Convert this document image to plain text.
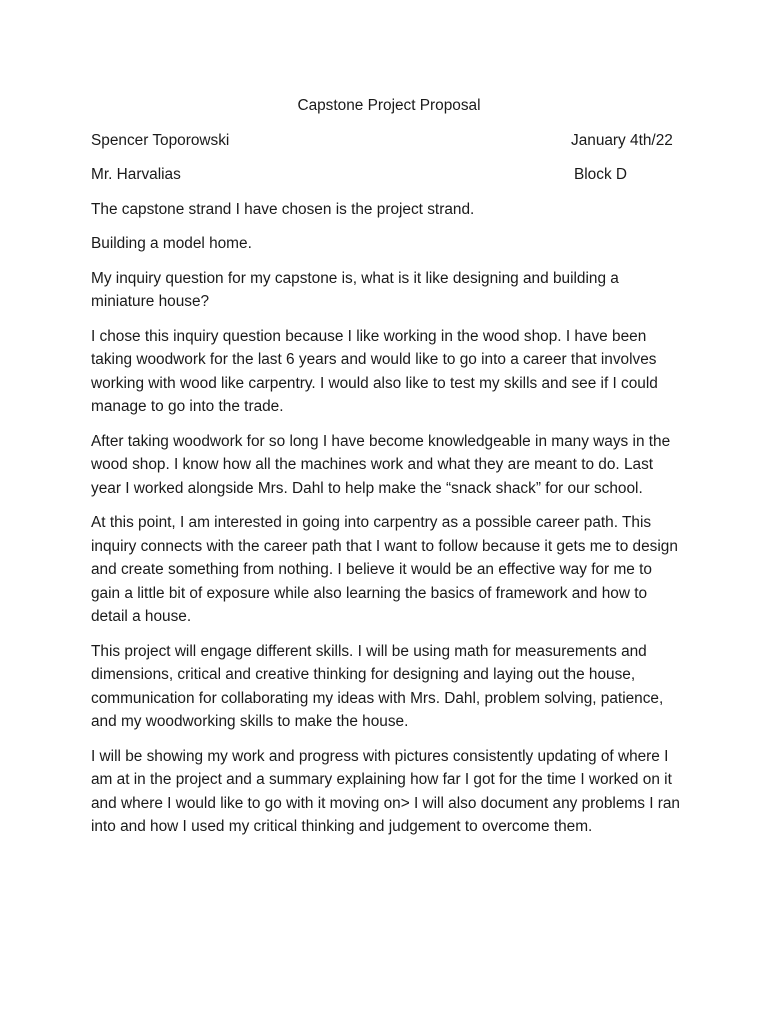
Capstone Project Proposal
Spencer Toporowski	January 4th/22
Mr. Harvalias	Block D

The capstone strand I have chosen is the project strand.

Building a model home.

My inquiry question for my capstone is, what is it like designing and building a miniature house?

I chose this inquiry question because I like working in the wood shop. I have been taking woodwork for the last 6 years and would like to go into a career that involves working with wood like carpentry. I would also like to test my skills and see if I could manage to go into the trade.

After taking woodwork for so long I have become knowledgeable in many ways in the wood shop. I know how all the machines work and what they are meant to do. Last year I worked alongside Mrs. Dahl to help make the “snack shack” for our school.

At this point, I am interested in going into carpentry as a possible career path. This inquiry connects with the career path that I want to follow because it gets me to design and create something from nothing. I believe it would be an effective way for me to gain a little bit of exposure while also learning the basics of framework and how to detail a house.

This project will engage different skills. I will be using math for measurements and dimensions, critical and creative thinking for designing and laying out the house, communication for collaborating my ideas with Mrs. Dahl, problem solving, patience, and my woodworking skills to make the house.

I will be showing my work and progress with pictures consistently updating of where I am at in the project and a summary explaining how far I got for the time I worked on it and where I would like to go with it moving on> I will also document any problems I ran into and how I used my critical thinking and judgement to overcome them.
